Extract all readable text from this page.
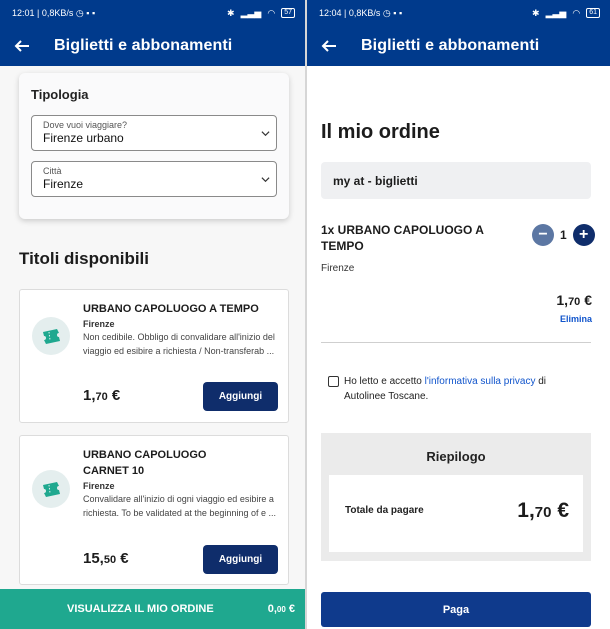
12:01 | 0,8KB/s ◷ ▪ ▪	✱ ▂▃▅ ◠	57
Biglietti e abbonamenti
Tipologia
Dove vuoi viaggiare?
Firenze urbano
Città
Firenze
Titoli disponibili
URBANO CAPOLUOGO A TEMPO
Firenze
Non cedibile. Obbligo di convalidare all'inizio del viaggio ed esibire a richiesta / Non-transferab ...
1,70 €	Aggiungi
URBANO CAPOLUOGO CARNET 10
Firenze
Convalidare all'inizio di ogni viaggio ed esibire a richiesta. To be validated at the beginning of e ...
15,50 €	Aggiungi
VISUALIZZA IL MIO ORDINE	0,00 €
12:04 | 0,8KB/s ◷ ▪ ▪	✱ ▂▃▅ ◠	61
Biglietti e abbonamenti
Il mio ordine
my at - biglietti
1x URBANO CAPOLUOGO A TEMPO
−	1 +
Firenze
1,70 €
Elimina
Ho letto e accetto l'informativa sulla privacy di Autolinee Toscane.
Riepilogo
Totale da pagare	1,70 €
Paga
